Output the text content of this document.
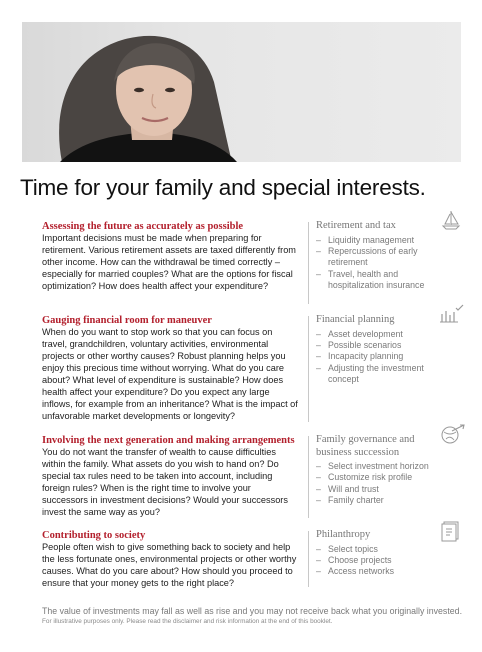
Time for your family and special interests.
Assessing the future as accurately as possible
Important decisions must be made when preparing for retirement. Various retirement assets are taxed differently from other income. How can the withdrawal be timed correctly – especially for married couples? What are the options for fiscal optimization? How does health affect your expenditure?
Retirement and tax
– Liquidity management
– Repercussions of early retirement
– Travel, health and hospitalization insurance
Gauging financial room for maneuver
When do you want to stop work so that you can focus on travel, grandchildren, voluntary activities, environmental projects or other worthy causes? Robust planning helps you enjoy this precious time without worrying. What do you care about? What level of expenditure is sustainable? How does health affect your expenditure? Do you expect any large inflows, for example from an inheritance? What is the impact of unfavorable market developments or longevity?
Financial planning
– Asset development
– Possible scenarios
– Incapacity planning
– Adjusting the investment concept
Involving the next generation and making arrangements
You do not want the transfer of wealth to cause difficulties within the family. What assets do you wish to hand on? Do special tax rules need to be taken into account, including foreign rules? When is the right time to involve your successors in investment decisions? Would your successors invest the same way as you?
Family governance and business succession
– Select investment horizon
– Customize risk profile
– Will and trust
– Family charter
Contributing to society
People often wish to give something back to society and help the less fortunate ones, environmental projects or other worthy causes. What do you care about? How should you proceed to ensure that your money gets to the right place?
Philanthropy
– Select topics
– Choose projects
– Access networks
The value of investments may fall as well as rise and you may not receive back what you originally invested.
For illustrative purposes only. Please read the disclaimer and risk information at the end of this booklet.
